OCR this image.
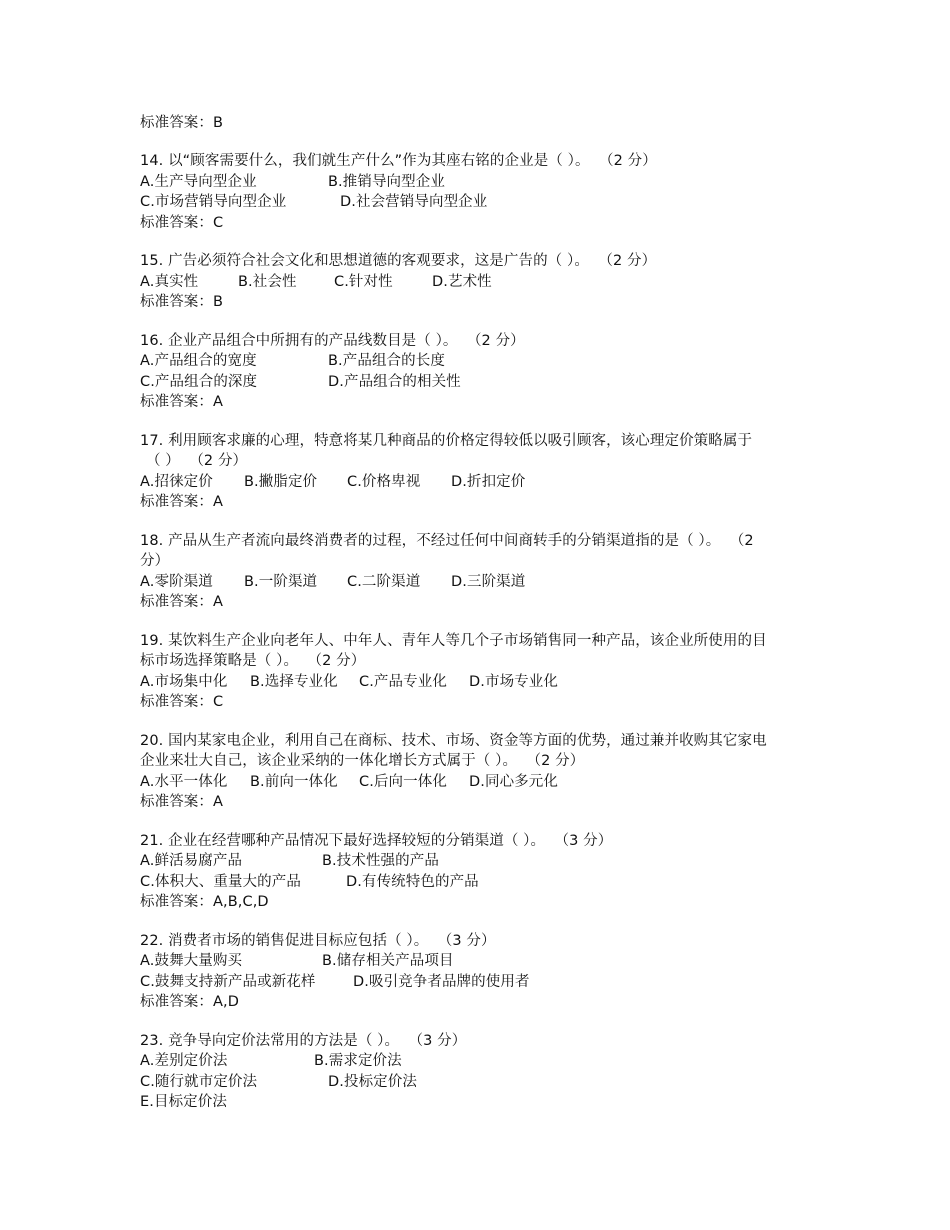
标准答案：B
14. 以“顾客需要什么，我们就生产什么”作为其座右铭的企业是（ ）。  （2 分）

A.生产导向型企业

	B.推销导向型企业

C.市场营销导向型企业

	D.社会营销导向型企业

标准答案：C
15. 广告必须符合社会文化和思想道德的客观要求，这是广告的（ ）。  （2 分）

A.真实性

	B.社会性

	C.针对性

	D.艺术性

标准答案：B
16. 企业产品组合中所拥有的产品线数目是（ ）。  （2 分）

A.产品组合的宽度

	B.产品组合的长度

C.产品组合的深度

	D.产品组合的相关性

标准答案：A
17. 利用顾客求廉的心理，特意将某几种商品的价格定得较低以吸引顾客，该心理定价策略属于
（ ）  （2 分）

A.招徕定价

B.撇脂定价

C.价格卑视

D.折扣定价

标准答案：A
18. 产品从生产者流向最终消费者的过程，不经过任何中间商转手的分销渠道指的是（ ）。  （2
分）

A.零阶渠道

B.一阶渠道

C.二阶渠道

D.三阶渠道

标准答案：A
19. 某饮料生产企业向老年人、中年人、青年人等几个子市场销售同一种产品，该企业所使用的目
标市场选择策略是（ ）。  （2 分）

A.市场集中化

B.选择专业化

C.产品专业化

D.市场专业化

标准答案：C
20. 国内某家电企业，利用自己在商标、技术、市场、资金等方面的优势，通过兼并收购其它家电
企业来壮大自己，该企业采纳的一体化增长方式属于（ ）。  （2 分）

A.水平一体化

B.前向一体化

C.后向一体化

D.同心多元化

标准答案：A
21. 企业在经营哪种产品情况下最好选择较短的分销渠道（ ）。  （3 分）

A.鲜活易腐产品

	B.技术性强的产品

C.体积大、重量大的产品

	D.有传统特色的产品

标准答案：A,B,C,D
22. 消费者市场的销售促进目标应包括（ ）。  （3 分）

A.鼓舞大量购买

	B.储存相关产品项目

C.鼓舞支持新产品或新花样

	D.吸引竞争者品牌的使用者

标准答案：A,D
23. 竞争导向定价法常用的方法是（ ）。  （3 分）

A.差别定价法

	B.需求定价法

C.随行就市定价法

	D.投标定价法

E.目标定价法
